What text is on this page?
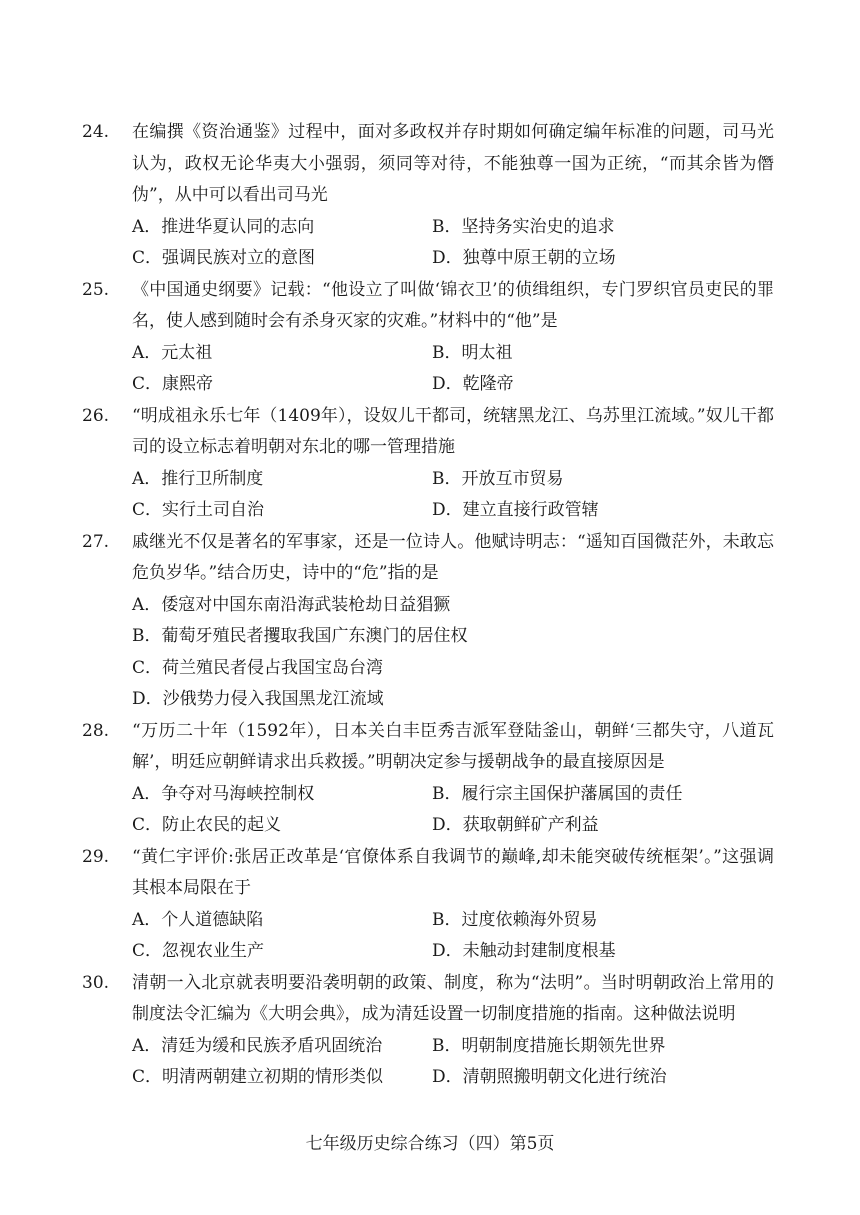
24. 在编撰《资治通鉴》过程中，面对多政权并存时期如何确定编年标准的问题，司马光认为，政权无论华夷大小强弱，须同等对待，不能独尊一国为正统，“而其余皆为僭伪”，从中可以看出司马光
A．推进华夏认同的志向	B．坚持务实治史的追求
C．强调民族对立的意图	D．独尊中原王朝的立场
25. 《中国通史纲要》记载：“他设立了叫做‘锦衣卫’的侦缉组织，专门罗织官员吏民的罪名，使人感到随时会有杀身灭家的灾难。”材料中的“他”是
A．元太祖	B．明太祖
C．康熙帝	D．乾隆帝
26. “明成祖永乐七年（1409年），设奴儿干都司，统辖黑龙江、乌苏里江流域。”奴儿干都司的设立标志着明朝对东北的哪一管理措施
A．推行卫所制度	B．开放互市贸易
C．实行土司自治	D．建立直接行政管辖
27. 戚继光不仅是著名的军事家，还是一位诗人。他赋诗明志：“遥知百国微茫外，未敢忘危负岁华。”结合历史，诗中的“危”指的是
A．倭寇对中国东南沿海武装枪劫日益猖獗
B．葡萄牙殖民者攫取我国广东澳门的居住权
C．荷兰殖民者侵占我国宝岛台湾
D．沙俄势力侵入我国黑龙江流域
28. “万历二十年（1592年），日本关白丰臣秀吉派军登陆釜山，朝鲜‘三都失守，八道瓦解’，明廷应朝鲜请求出兵救援。”明朝决定参与援朝战争的最直接原因是
A．争夺对马海峡控制权	B．履行宗主国保护藩属国的责任
C．防止农民的起义	D．获取朝鲜矿产利益
29. “黄仁宇评价:张居正改革是‘官僚体系自我调节的巅峰,却未能突破传统框架’。”这强调其根本局限在于
A．个人道德缺陷	B．过度依赖海外贸易
C．忽视农业生产	D．未触动封建制度根基
30. 清朝一入北京就表明要沿袭明朝的政策、制度，称为“法明”。当时明朝政治上常用的制度法令汇编为《大明会典》，成为清廷设置一切制度措施的指南。这种做法说明
A．清廷为缓和民族矛盾巩固统治	B．明朝制度措施长期领先世界
C．明清两朝建立初期的情形类似	D．清朝照搬明朝文化进行统治
七年级历史综合练习（四）第5页
